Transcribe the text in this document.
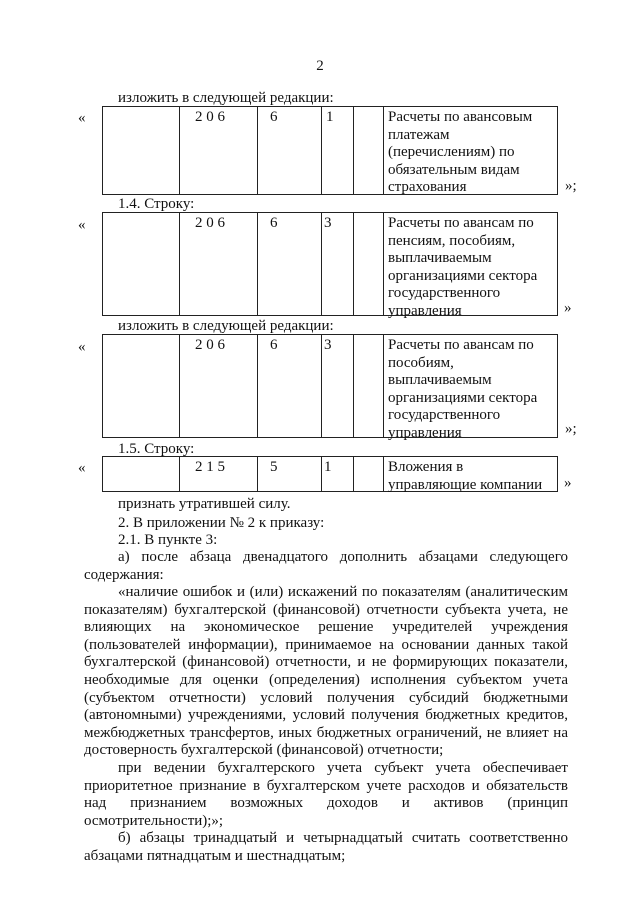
2
изложить в следующей редакции:
«	2 0 6	6	1	Расчеты по авансовым
платежам
(перечислениям) по
обязательным видам
страхования	»;
1.4. Строку:
«	2 0 6	6	3	Расчеты по авансам по
пенсиям, пособиям,
выплачиваемым
организациями сектора
государственного
управления	»
изложить в следующей редакции:
«	2 0 6	6	3	Расчеты по авансам по
пособиям,
выплачиваемым
организациями сектора
государственного
управления	»;
1.5. Строку:
«	2 1 5	5	1	Вложения в
управляющие компании »
признать утратившей силу.
2. В приложении № 2 к приказу:
2.1. В пункте 3:
а) после абзаца двенадцатого дополнить абзацами следующего
содержания:
«наличие ошибок и (или) искажений по показателям (аналитическим
показателям) бухгалтерской (финансовой) отчетности субъекта учета, не
влияющих на экономическое решение учредителей учреждения
(пользователей информации), принимаемое на основании данных такой
бухгалтерской (финансовой) отчетности, и не формирующих показатели,
необходимые для оценки (определения) исполнения субъектом учета
(субъектом отчетности) условий получения субсидий бюджетными
(автономными) учреждениями, условий получения бюджетных кредитов,
межбюджетных трансфертов, иных бюджетных ограничений, не влияет на
достоверность бухгалтерской (финансовой) отчетности;
при ведении бухгалтерского учета субъект учета обеспечивает
приоритетное признание в бухгалтерском учете расходов и обязательств
над признанием возможных доходов и активов (принцип
осмотрительности);»;
б) абзацы тринадцатый и четырнадцатый считать соответственно
абзацами пятнадцатым и шестнадцатым;
